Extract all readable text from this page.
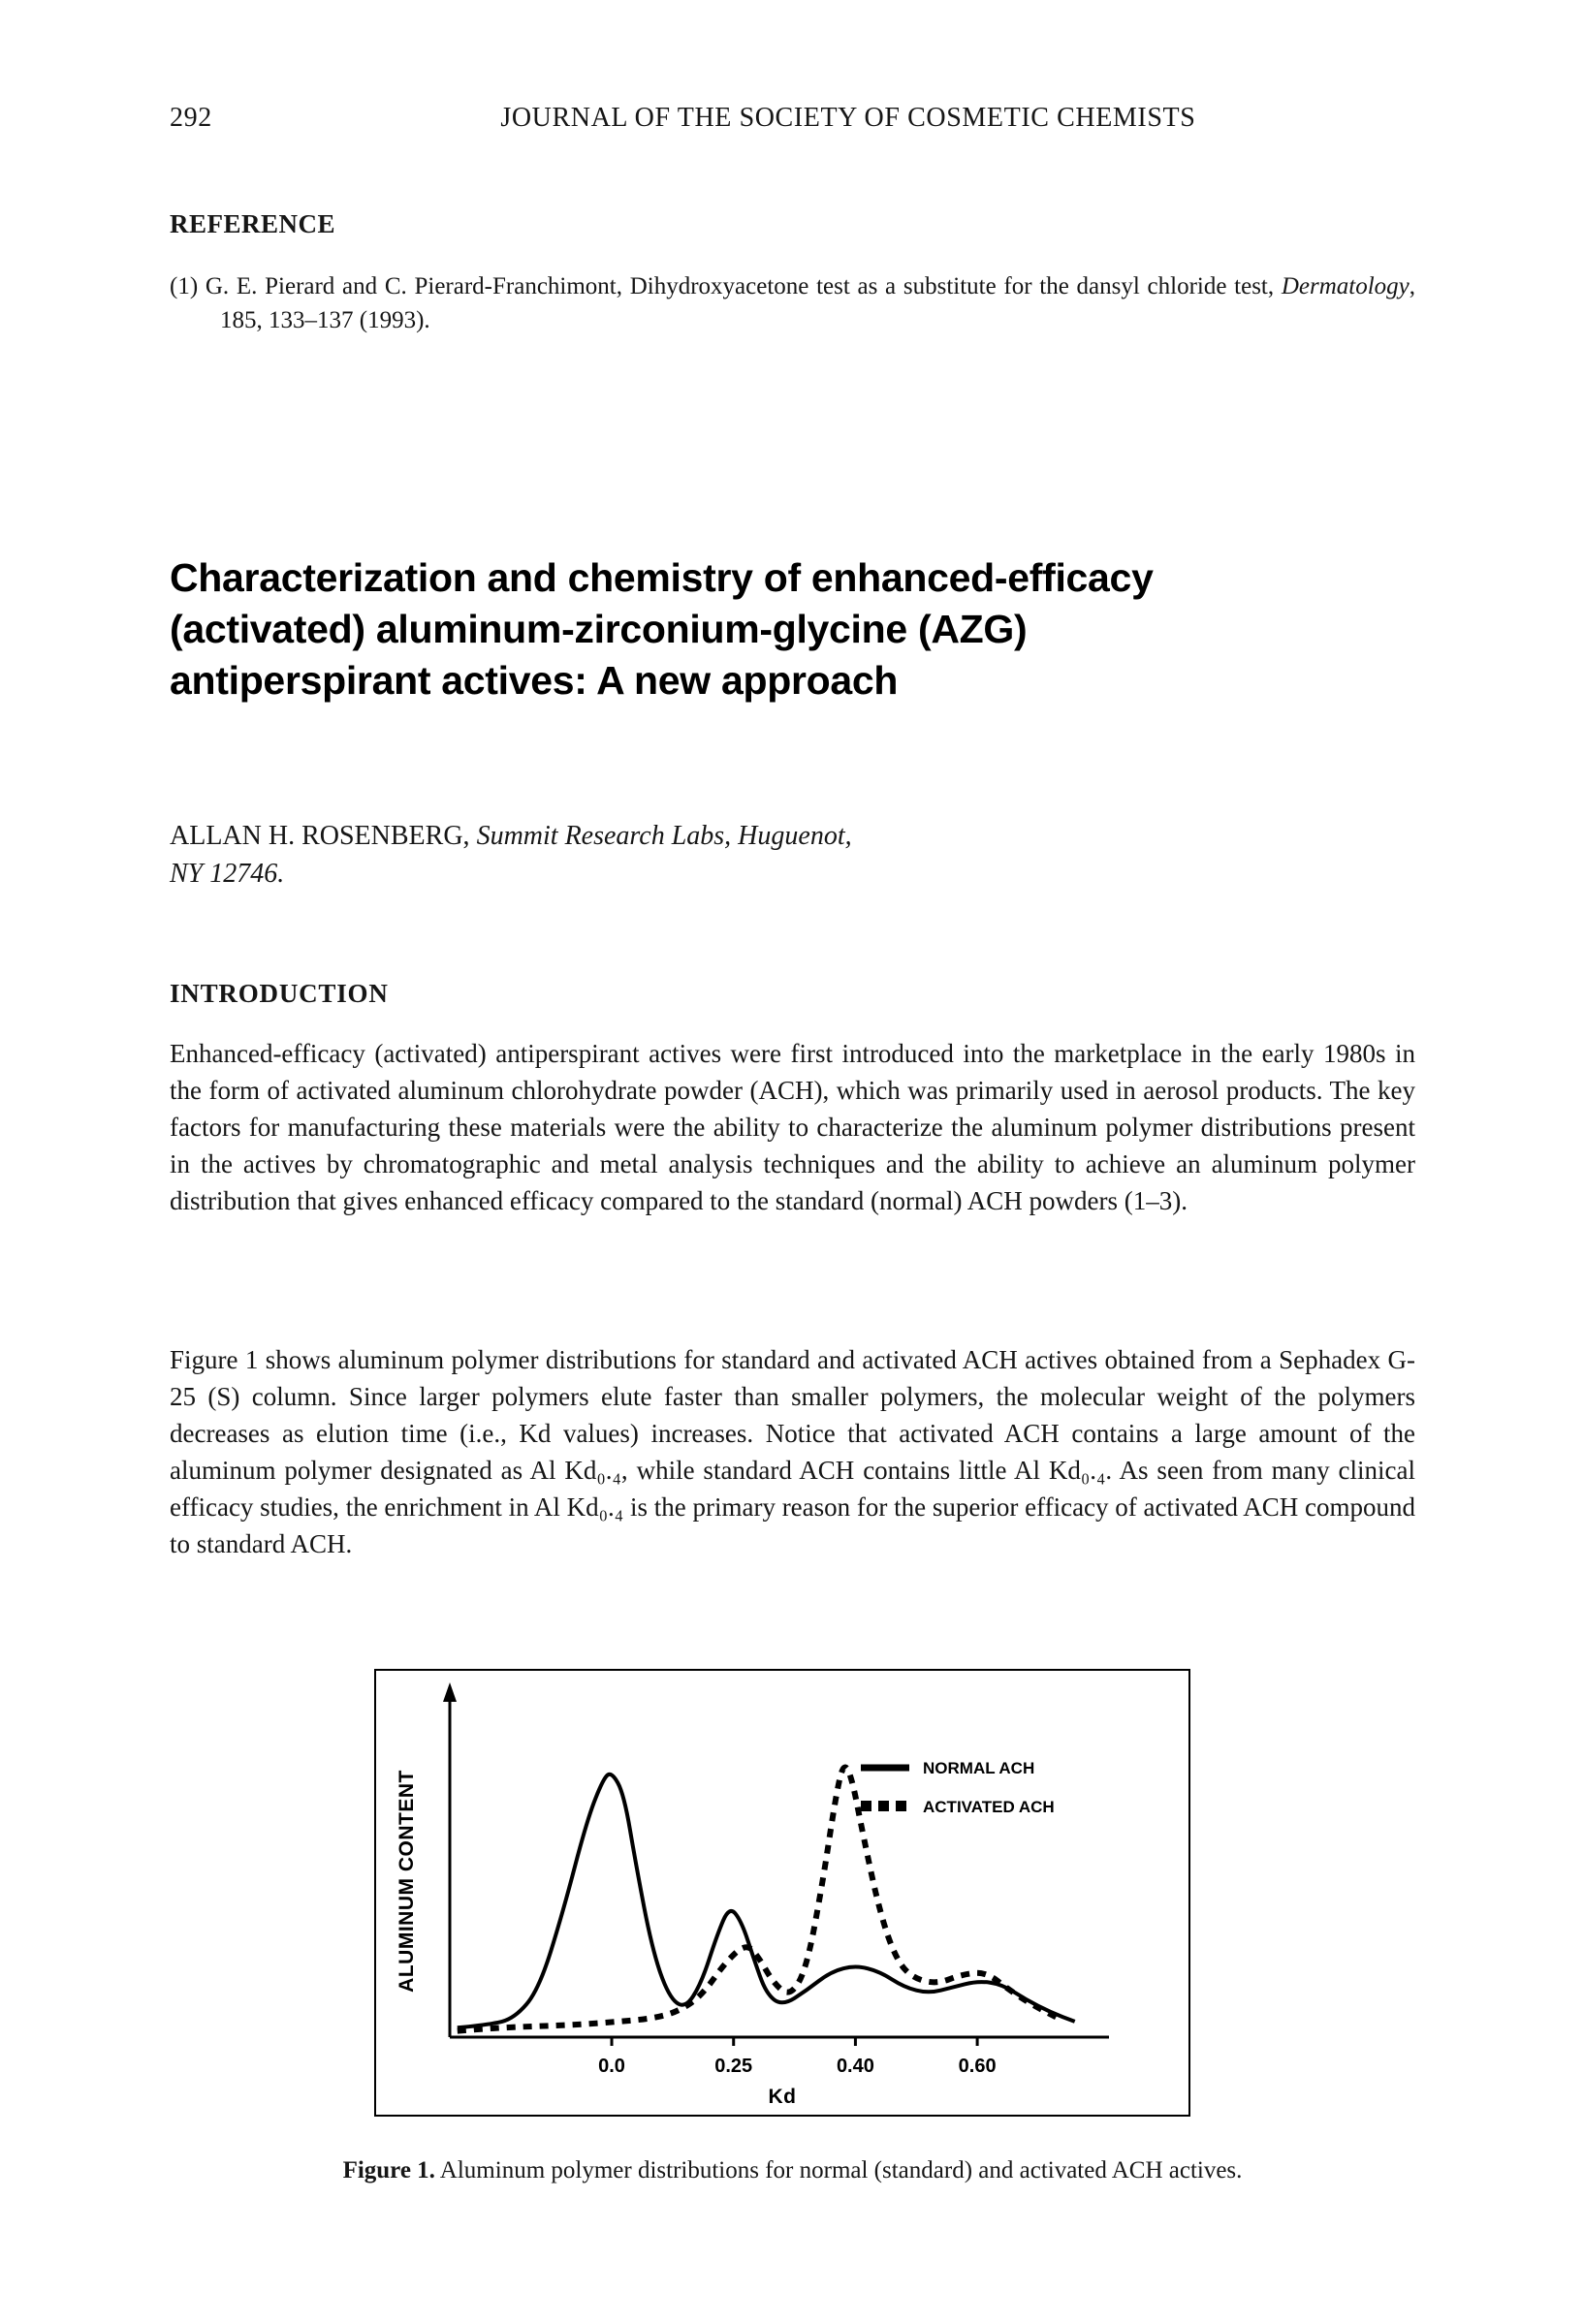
292	JOURNAL OF THE SOCIETY OF COSMETIC CHEMISTS
REFERENCE

(1) G. E. Pierard and C. Pierard-Franchimont, Dihydroxyacetone test as a substitute for the dansyl chloride test, Dermatology, 185, 133–137 (1993).

Characterization and chemistry of enhanced-efficacy
(activated) aluminum-zirconium-glycine (AZG)
antiperspirant actives: A new approach

ALLAN H. ROSENBERG, Summit Research Labs, Huguenot,
NY 12746.

INTRODUCTION

Enhanced-efficacy (activated) antiperspirant actives were first introduced into the marketplace in the early 1980s in the form of activated aluminum chlorohydrate powder (ACH), which was primarily used in aerosol products. The key factors for manufacturing these materials were the ability to characterize the aluminum polymer distributions present in the actives by chromatographic and metal analysis techniques and the ability to achieve an aluminum polymer distribution that gives enhanced efficacy compared to the standard (normal) ACH powders (1–3).

Figure 1 shows aluminum polymer distributions for standard and activated ACH actives obtained from a Sephadex G-25 (S) column. Since larger polymers elute faster than smaller polymers, the molecular weight of the polymers decreases as elution time (i.e., Kd values) increases. Notice that activated ACH contains a large amount of the aluminum polymer designated as Al Kd₀.₄, while standard ACH contains little Al Kd₀.₄. As seen from many clinical efficacy studies, the enrichment in Al Kd₀.₄ is the primary reason for the superior efficacy of activated ACH compound to standard ACH.

0.0	0.25	0.40	0.60
Kd
ALUMINUM CONTENT
NORMAL ACH
ACTIVATED ACH

Figure 1. Aluminum polymer distributions for normal (standard) and activated ACH actives.
